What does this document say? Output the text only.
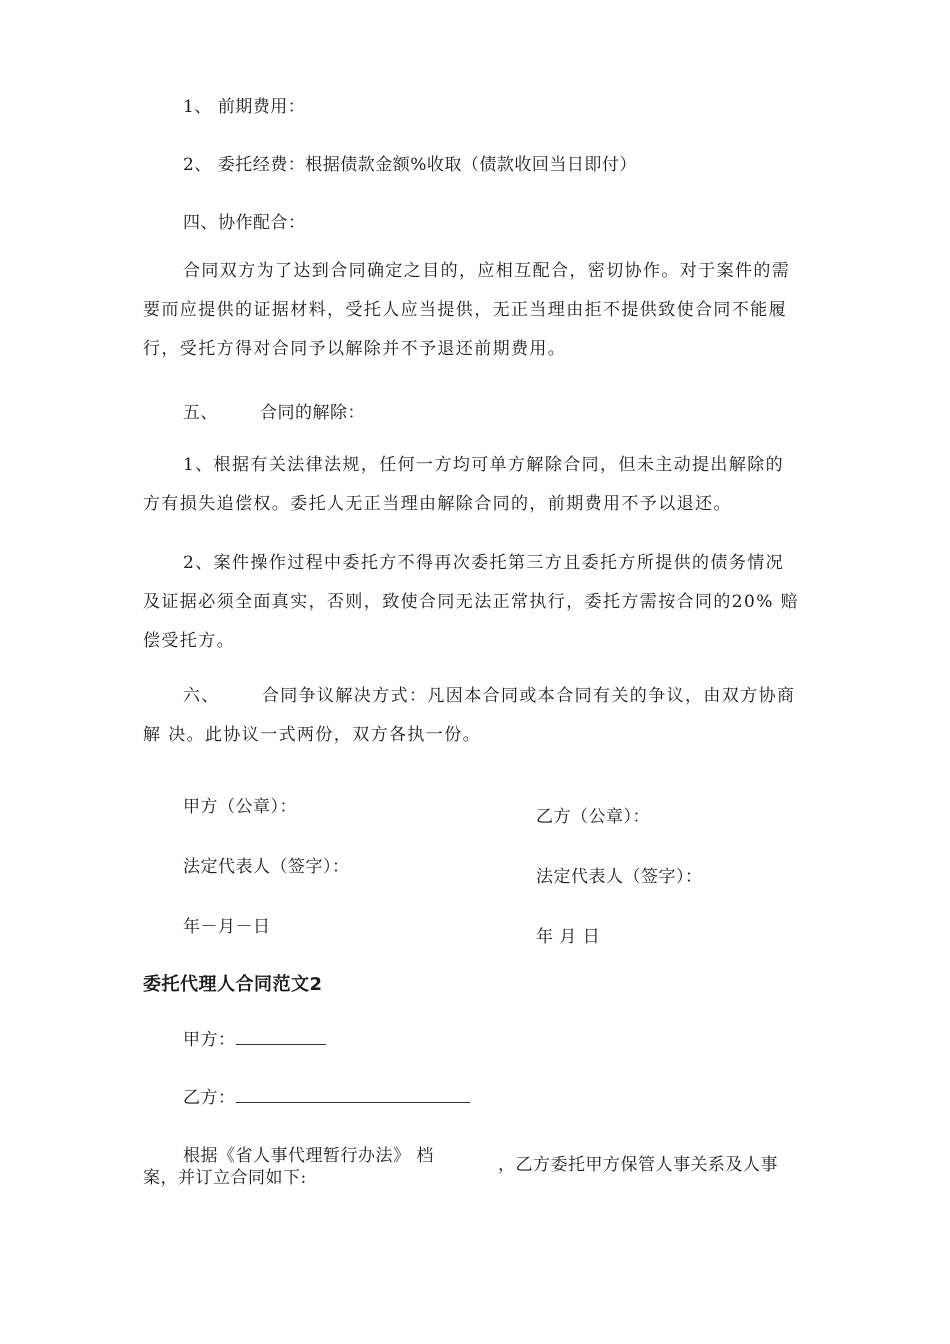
1、 前期费用：
2、 委托经费：根据债款金额%收取（债款收回当日即付）
四、协作配合：

合同双方为了达到合同确定之目的，应相互配合，密切协作。对于案件的需要而应提供的证据材料，受托人应当提供，无正当理由拒不提供致使合同不能履行，受托方得对合同予以解除并不予退还前期费用。

五、 合同的解除：

1、根据有关法律法规，任何一方均可单方解除合同，但未主动提出解除的 方有损失追偿权。委托人无正当理由解除合同的，前期费用不予以退还。

2、案件操作过程中委托方不得再次委托第三方且委托方所提供的债务情况 及证据必须全面真实，否则，致使合同无法正常执行，委托方需按合同的20% 赔偿受托方。

六、 合同争议解决方式：凡因本合同或本合同有关的争议，由双方协商解 决。此协议一式两份，双方各执一份。
甲方（公章）：	乙方（公章）：
法定代表人（签字）：	法定代表人（签字）：
年－月－日	年 月 日
委托代理人合同范文2
甲方：
乙方：
根据《省人事代理暂行办法》 档	，乙方委托甲方保管人事关系及人事
案，并订立合同如下:
